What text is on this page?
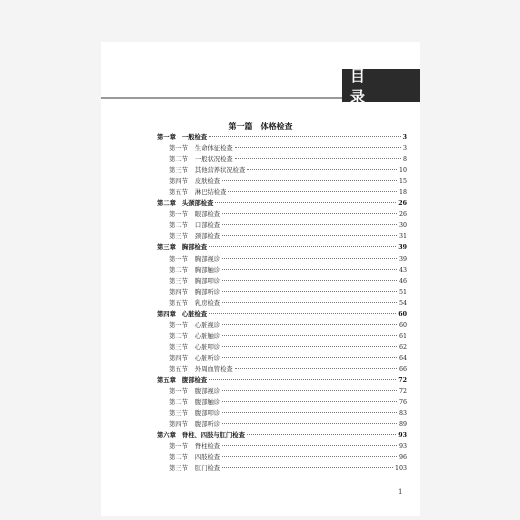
目 录
第一篇　体格检查
第一章 一般检查	3
第一节 生命体征检查	3
第二节 一般状况检查	8
第三节 其他营养状况检查	10
第四节 皮肤检查	15
第五节 淋巴结检查	18
第二章 头颈部检查	26
第一节 眼部检查	26
第二节 口部检查	30
第三节 颈部检查	31
第三章 胸部检查	39
第一节 胸部视诊	39
第二节 胸部触诊	43
第三节 胸部叩诊	46
第四节 胸部听诊	51
第五节 乳房检查	54
第四章 心脏检查	60
第一节 心脏视诊	60
第二节 心脏触诊	61
第三节 心脏叩诊	62
第四节 心脏听诊	64
第五节 外周血管检查	66
第五章 腹部检查	72
第一节 腹部视诊	72
第二节 腹部触诊	76
第三节 腹部叩诊	83
第四节 腹部听诊	89
第六章 脊柱、四肢与肛门检查	93
第一节 脊柱检查	93
第二节 四肢检查	96
第三节 肛门检查	103
1
